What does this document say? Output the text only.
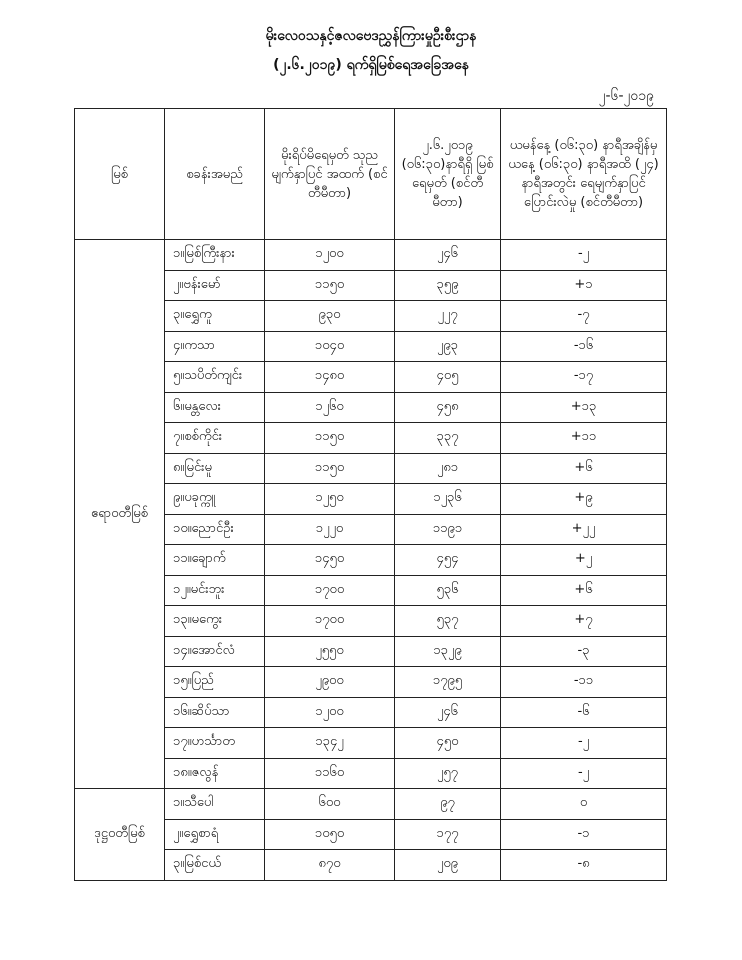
မိုးလေဝသနှင့်ဇလဗေဒညွှန်ကြားမှုဦးစီးဌာန
(၂.၆.၂၀၁၉) ရက်ရှိမြစ်ရေအခြေအနေ
၂-၆-၂၀၁၉
မြစ်	စခန်းအမည်	မိုးရိပ်မိရေမှတ် သုညမျက်နှာပြင် အထက် (စင်တီမီတာ)	၂.၆.၂၀၁၉ (၀၆:၃၀)နာရီရှိ မြစ်ရေမှတ် (စင်တီမီတာ)	ယမန်နေ့ (၀၆:၃၀) နာရီအချိန်မှ ယနေ့ (၀၆:၃၀) နာရီအထိ (၂၄) နာရီအတွင်း ရေမျက်နှာပြင်ပြောင်းလဲမှု (စင်တီမီတာ)
ဧရာဝတီမြစ်	၁။မြစ်ကြီးနား	၁၂၀၀	၂၄၆	-၂
	၂။ဗန်းမော်	၁၁၅၀	၃၅၉	+၁
	၃။ရွှေကူ	၉၃၀	၂၂၇	-၇
	၄။ကသာ	၁၀၄၀	၂၉၃	-၁၆
	၅။သပိတ်ကျင်း	၁၄၈၀	၄၀၅	-၁၇
	၆။မန္တလေး	၁၂၆၀	၄၅၈	+၁၃
	၇။စစ်ကိုင်း	၁၁၅၀	၃၃၇	+၁၁
	၈။မြင်းမူ	၁၁၅၀	၂၈၁	+၆
	၉။ပခုက္ကူ	၁၂၅၀	၁၂၃၆	+၉
	၁၀။ညောင်ဦး	၁၂၂၀	၁၁၉၁	+၂၂
	၁၁။ချောက်	၁၄၅၀	၄၅၄	+၂
	၁၂။မင်းဘူး	၁၇၀၀	၅၃၆	+၆
	၁၃။မကွေး	၁၇၀၀	၅၃၇	+၇
	၁၄။အောင်လံ	၂၅၅၀	၁၃၂၉	-၃
	၁၅။ပြည်	၂၉၀၀	၁၇၉၅	-၁၁
	၁၆။ဆိပ်သာ	၁၂၀၀	၂၄၆	-၆
	၁၇။ဟင်္သာတ	၁၃၄၂	၄၅၀	-၂
	၁၈။ဇလွန်	၁၁၆၀	၂၅၇	-၂
ဒုဋ္ဌဝတီမြစ်	၁။သီပေါ	၆၀၀	၉၇	၀
	၂။ရွှေစာရံ	၁၀၅၀	၁၇၇	-၁
	၃။မြစ်ငယ်	၈၇၀	၂၀၉	-၈
